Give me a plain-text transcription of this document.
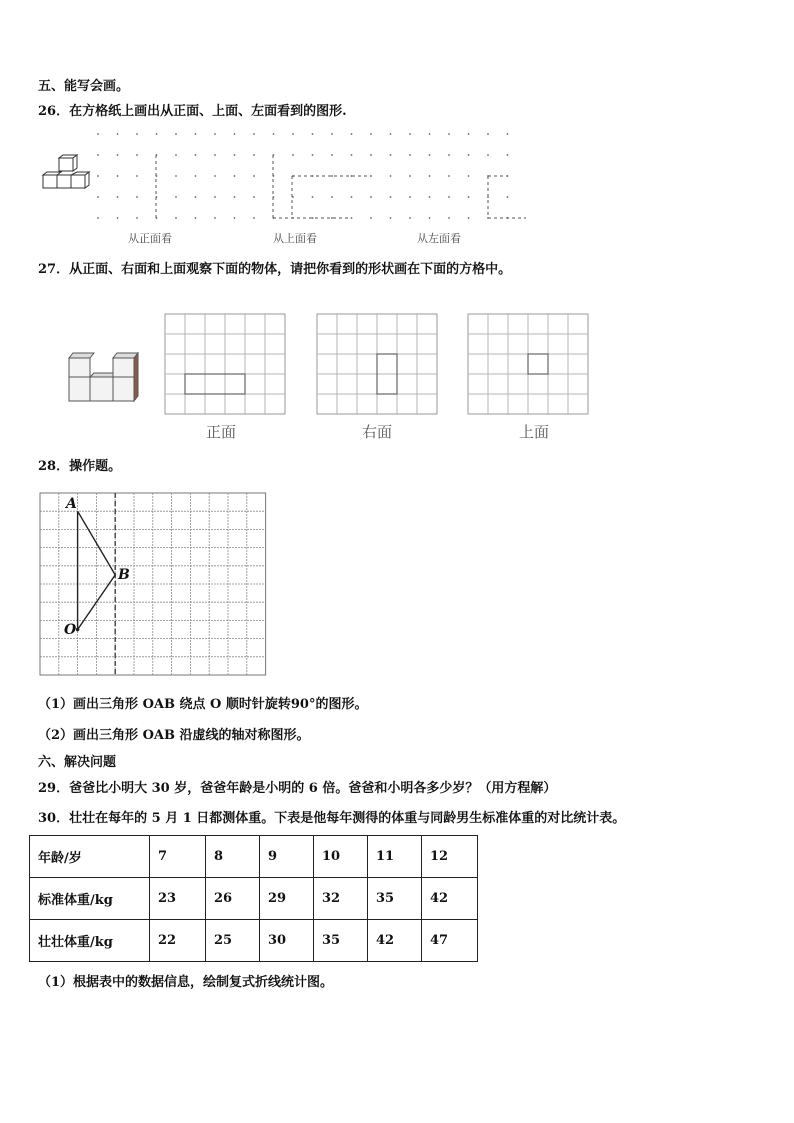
五、能写会画。
26．在方格纸上画出从正面、上面、左面看到的图形.
从正面看	从上面看	从左面看
27．从正面、右面和上面观察下面的物体，请把你看到的形状画在下面的方格中。
正面	右面	上面
28．操作题。
A
B
O
（1）画出三角形 OAB 绕点 O 顺时针旋转90°的图形。
（2）画出三角形 OAB 沿虚线的轴对称图形。
六、解决问题
29．爸爸比小明大 30 岁，爸爸年龄是小明的 6 倍。爸爸和小明各多少岁？（用方程解）
30．壮壮在每年的 5 月 1 日都测体重。下表是他每年测得的体重与同龄男生标准体重的对比统计表。
年龄/岁	7	8	9	10	11	12
标准体重/kg	23	26	29	32	35	42
壮壮体重/kg	22	25	30	35	42	47
（1）根据表中的数据信息，绘制复式折线统计图。
